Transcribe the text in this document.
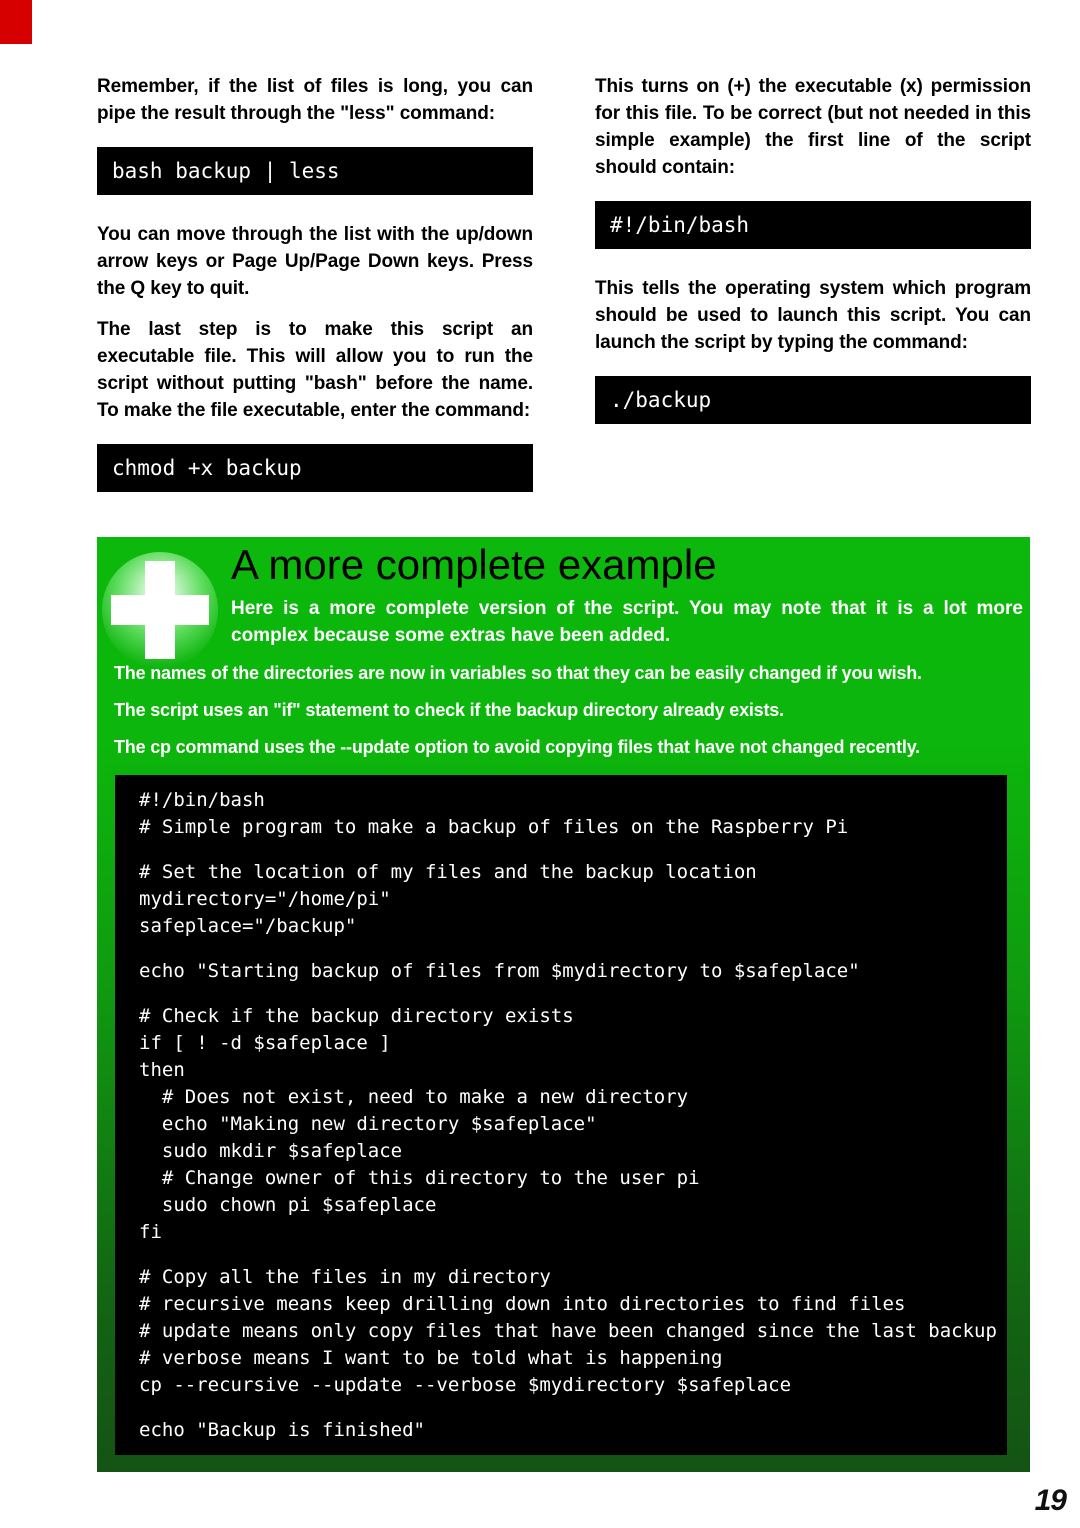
Remember, if the list of files is long, you can pipe the result through the "less" command:
bash backup | less
You can move through the list with the up/down arrow keys or Page Up/Page Down keys. Press the Q key to quit.
The last step is to make this script an executable file. This will allow you to run the script without putting "bash" before the name. To make the file executable, enter the command:
chmod +x backup
This turns on (+) the executable (x) permission for this file. To be correct (but not needed in this simple example) the first line of the script should contain:
#!/bin/bash
This tells the operating system which program should be used to launch this script. You can launch the script by typing the command:
./backup
A more complete example
Here is a more complete version of the script. You may note that it is a lot more complex because some extras have been added.
The names of the directories are now in variables so that they can be easily changed if you wish.
The script uses an "if" statement to check if the backup directory already exists.
The cp command uses the --update option to avoid copying files that have not changed recently.
#!/bin/bash
# Simple program to make a backup of files on the Raspberry Pi
# Set the location of my files and the backup location
mydirectory="/home/pi"
safeplace="/backup"
echo "Starting backup of files from $mydirectory to $safeplace"
# Check if the backup directory exists
if [ ! -d $safeplace ]
then
# Does not exist, need to make a new directory
echo "Making new directory $safeplace"
sudo mkdir $safeplace
# Change owner of this directory to the user pi
sudo chown pi $safeplace
fi
# Copy all the files in my directory
# recursive means keep drilling down into directories to find files
# update means only copy files that have been changed since the last backup
# verbose means I want to be told what is happening
cp --recursive --update --verbose $mydirectory $safeplace
echo "Backup is finished"
19
